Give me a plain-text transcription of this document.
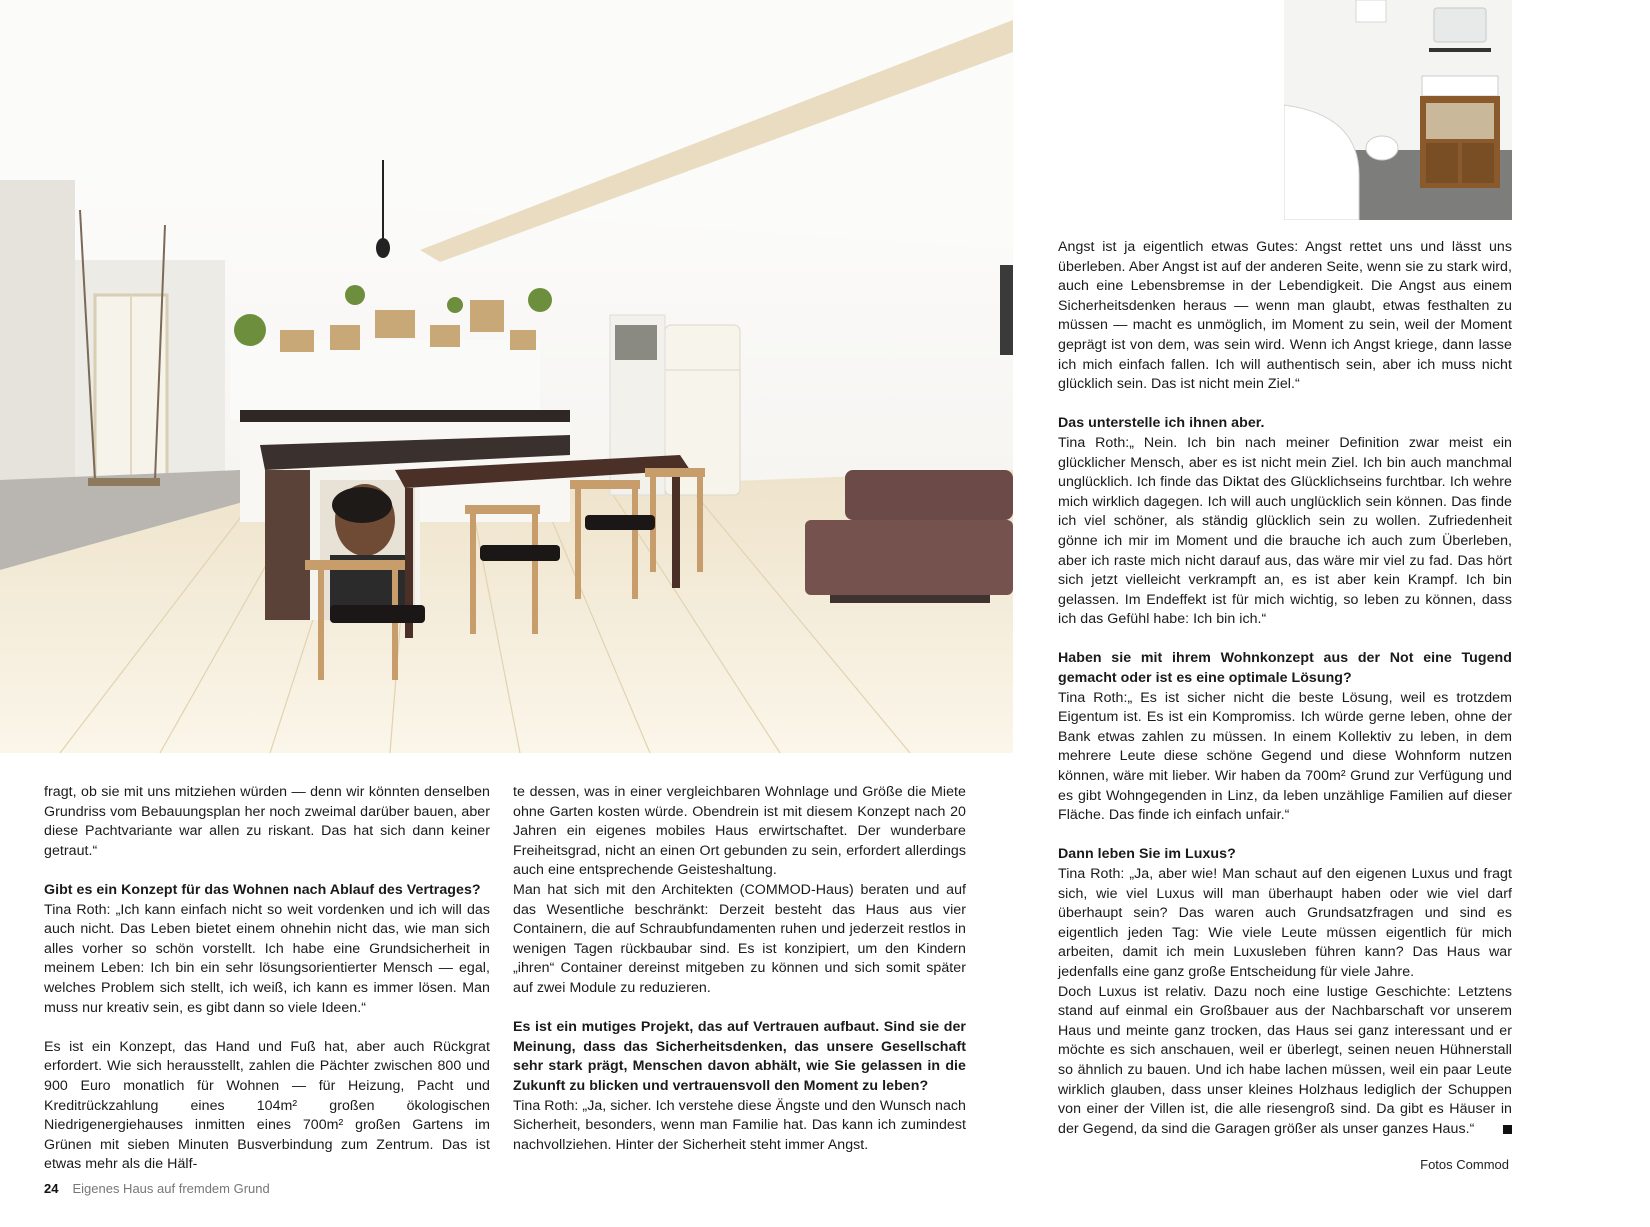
fragt, ob sie mit uns mitziehen würden — denn wir könnten denselben Grundriss vom Bebauungsplan her noch zweimal darüber bauen, aber diese Pachtvariante war allen zu riskant. Das hat sich dann keiner getraut.“

Gibt es ein Konzept für das Wohnen nach Ablauf des Vertrages?

Tina Roth: „Ich kann einfach nicht so weit vordenken und ich will das auch nicht. Das Leben bietet einem ohnehin nicht das, wie man sich alles vorher so schön vorstellt. Ich habe eine Grundsicherheit in meinem Leben: Ich bin ein sehr lösungsorientierter Mensch — egal, welches Problem sich stellt, ich weiß, ich kann es immer lösen. Man muss nur kreativ sein, es gibt dann so viele Ideen.“

Es ist ein Konzept, das Hand und Fuß hat, aber auch Rückgrat erfordert. Wie sich herausstellt, zahlen die Pächter zwischen 800 und 900 Euro monatlich für Wohnen — für Heizung, Pacht und Kreditrückzahlung eines 104m² großen ökologischen Niedrigenergiehauses inmitten eines 700m² großen Gartens im Grünen mit sieben Minuten Busverbindung zum Zentrum. Das ist etwas mehr als die Hälf-

te dessen, was in einer vergleichbaren Wohnlage und Größe die Miete ohne Garten kosten würde. Obendrein ist mit diesem Konzept nach 20 Jahren ein eigenes mobiles Haus erwirtschaftet. Der wunderbare Freiheitsgrad, nicht an einen Ort gebunden zu sein, erfordert allerdings auch eine entsprechende Geisteshaltung.

Man hat sich mit den Architekten (COMMOD-Haus) beraten und auf das Wesentliche beschränkt: Derzeit besteht das Haus aus vier Containern, die auf Schraubfundamenten ruhen und jederzeit restlos in wenigen Tagen rückbaubar sind. Es ist konzipiert, um den Kindern „ihren“ Container dereinst mitgeben zu können und sich somit später auf zwei Module zu reduzieren.

Es ist ein mutiges Projekt, das auf Vertrauen aufbaut. Sind sie der Meinung, dass das Sicherheitsdenken, das unsere Gesellschaft sehr stark prägt, Menschen davon abhält, wie Sie gelassen in die Zukunft zu blicken und vertrauensvoll den Moment zu leben?

Tina Roth: „Ja, sicher. Ich verstehe diese Ängste und den Wunsch nach Sicherheit, besonders, wenn man Familie hat. Das kann ich zumindest nachvollziehen. Hinter der Sicherheit steht immer Angst.

Angst ist ja eigentlich etwas Gutes: Angst rettet uns und lässt uns überleben. Aber Angst ist auf der anderen Seite, wenn sie zu stark wird, auch eine Lebensbremse in der Lebendigkeit. Die Angst aus einem Sicherheitsdenken heraus — wenn man glaubt, etwas festhalten zu müssen — macht es unmöglich, im Moment zu sein, weil der Moment geprägt ist von dem, was sein wird. Wenn ich Angst kriege, dann lasse ich mich einfach fallen. Ich will authentisch sein, aber ich muss nicht glücklich sein. Das ist nicht mein Ziel.“

Das unterstelle ich ihnen aber.

Tina Roth:„ Nein. Ich bin nach meiner Definition zwar meist ein glücklicher Mensch, aber es ist nicht mein Ziel. Ich bin auch manchmal unglücklich. Ich finde das Diktat des Glücklichseins furchtbar. Ich wehre mich wirklich dagegen. Ich will auch unglücklich sein können. Das finde ich viel schöner, als ständig glücklich sein zu wollen. Zufriedenheit gönne ich mir im Moment und die brauche ich auch zum Überleben, aber ich raste mich nicht darauf aus, das wäre mir viel zu fad. Das hört sich jetzt vielleicht verkrampft an, es ist aber kein Krampf. Ich bin gelassen. Im Endeffekt ist für mich wichtig, so leben zu können, dass ich das Gefühl habe: Ich bin ich.“

Haben sie mit ihrem Wohnkonzept aus der Not eine Tugend gemacht oder ist es eine optimale Lösung?

Tina Roth:„ Es ist sicher nicht die beste Lösung, weil es trotzdem Eigentum ist. Es ist ein Kompromiss. Ich würde gerne leben, ohne der Bank etwas zahlen zu müssen. In einem Kollektiv zu leben, in dem mehrere Leute diese schöne Gegend und diese Wohnform nutzen können, wäre mit lieber. Wir haben da 700m² Grund zur Verfügung und es gibt Wohngegenden in Linz, da leben unzählige Familien auf dieser Fläche. Das finde ich einfach unfair.“

Dann leben Sie im Luxus?

Tina Roth: „Ja, aber wie! Man schaut auf den eigenen Luxus und fragt sich, wie viel Luxus will man überhaupt haben oder wie viel darf überhaupt sein? Das waren auch Grundsatzfragen und sind es eigentlich jeden Tag: Wie viele Leute müssen eigentlich für mich arbeiten, damit ich mein Luxusleben führen kann? Das Haus war jedenfalls eine ganz große Entscheidung für viele Jahre.

Doch Luxus ist relativ. Dazu noch eine lustige Geschichte: Letztens stand auf einmal ein Großbauer aus der Nachbarschaft vor unserem Haus und meinte ganz trocken, das Haus sei ganz interessant und er möchte es sich anschauen, weil er überlegt, seinen neuen Hühnerstall so ähnlich zu bauen. Und ich habe lachen müssen, weil ein paar Leute wirklich glauben, dass unser kleines Holzhaus lediglich der Schuppen von einer der Villen ist, die alle riesengroß sind. Da gibt es Häuser in der Gegend, da sind die Garagen größer als unser ganzes Haus.“

Fotos Commod
24 Eigenes Haus auf fremdem Grund
